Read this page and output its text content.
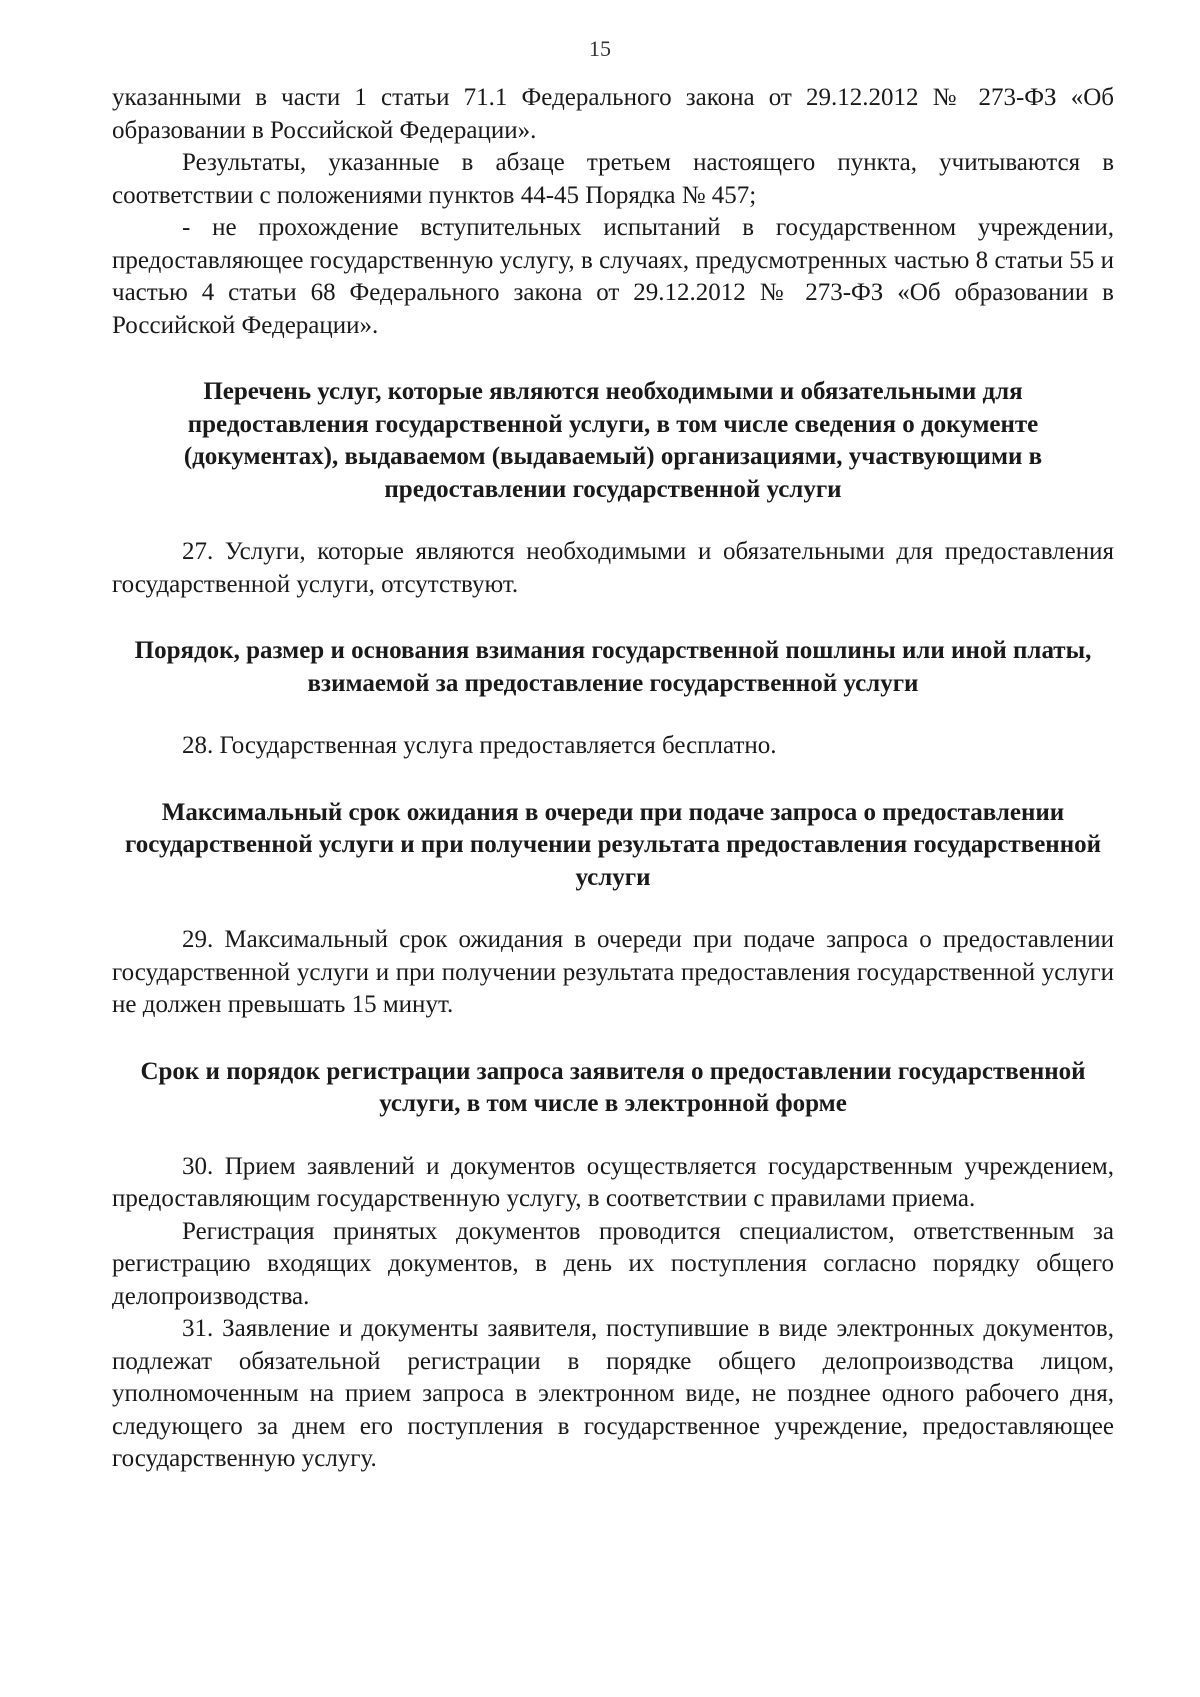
15

указанными в части 1 статьи 71.1 Федерального закона от 29.12.2012 № 273-ФЗ «Об образовании в Российской Федерации».

Результаты, указанные в абзаце третьем настоящего пункта, учитываются в соответствии с положениями пунктов 44-45 Порядка № 457;

- не прохождение вступительных испытаний в государственном учреждении, предоставляющее государственную услугу, в случаях, предусмотренных частью 8 статьи 55 и частью 4 статьи 68 Федерального закона от 29.12.2012 № 273-ФЗ «Об образовании в Российской Федерации».

Перечень услуг, которые являются необходимыми и обязательными для предоставления государственной услуги, в том числе сведения о документе (документах), выдаваемом (выдаваемый) организациями, участвующими в предоставлении государственной услуги

27. Услуги, которые являются необходимыми и обязательными для предоставления государственной услуги, отсутствуют.

Порядок, размер и основания взимания государственной пошлины или иной платы, взимаемой за предоставление государственной услуги

28. Государственная услуга предоставляется бесплатно.

Максимальный срок ожидания в очереди при подаче запроса о предоставлении государственной услуги и при получении результата предоставления государственной услуги

29. Максимальный срок ожидания в очереди при подаче запроса о предоставлении государственной услуги и при получении результата предоставления государственной услуги не должен превышать 15 минут.

Срок и порядок регистрации запроса заявителя о предоставлении государственной услуги, в том числе в электронной форме

30. Прием заявлений и документов осуществляется государственным учреждением, предоставляющим государственную услугу, в соответствии с правилами приема.

Регистрация принятых документов проводится специалистом, ответственным за регистрацию входящих документов, в день их поступления согласно порядку общего делопроизводства.

31. Заявление и документы заявителя, поступившие в виде электронных документов, подлежат обязательной регистрации в порядке общего делопроизводства лицом, уполномоченным на прием запроса в электронном виде, не позднее одного рабочего дня, следующего за днем его поступления в государственное учреждение, предоставляющее государственную услугу.
